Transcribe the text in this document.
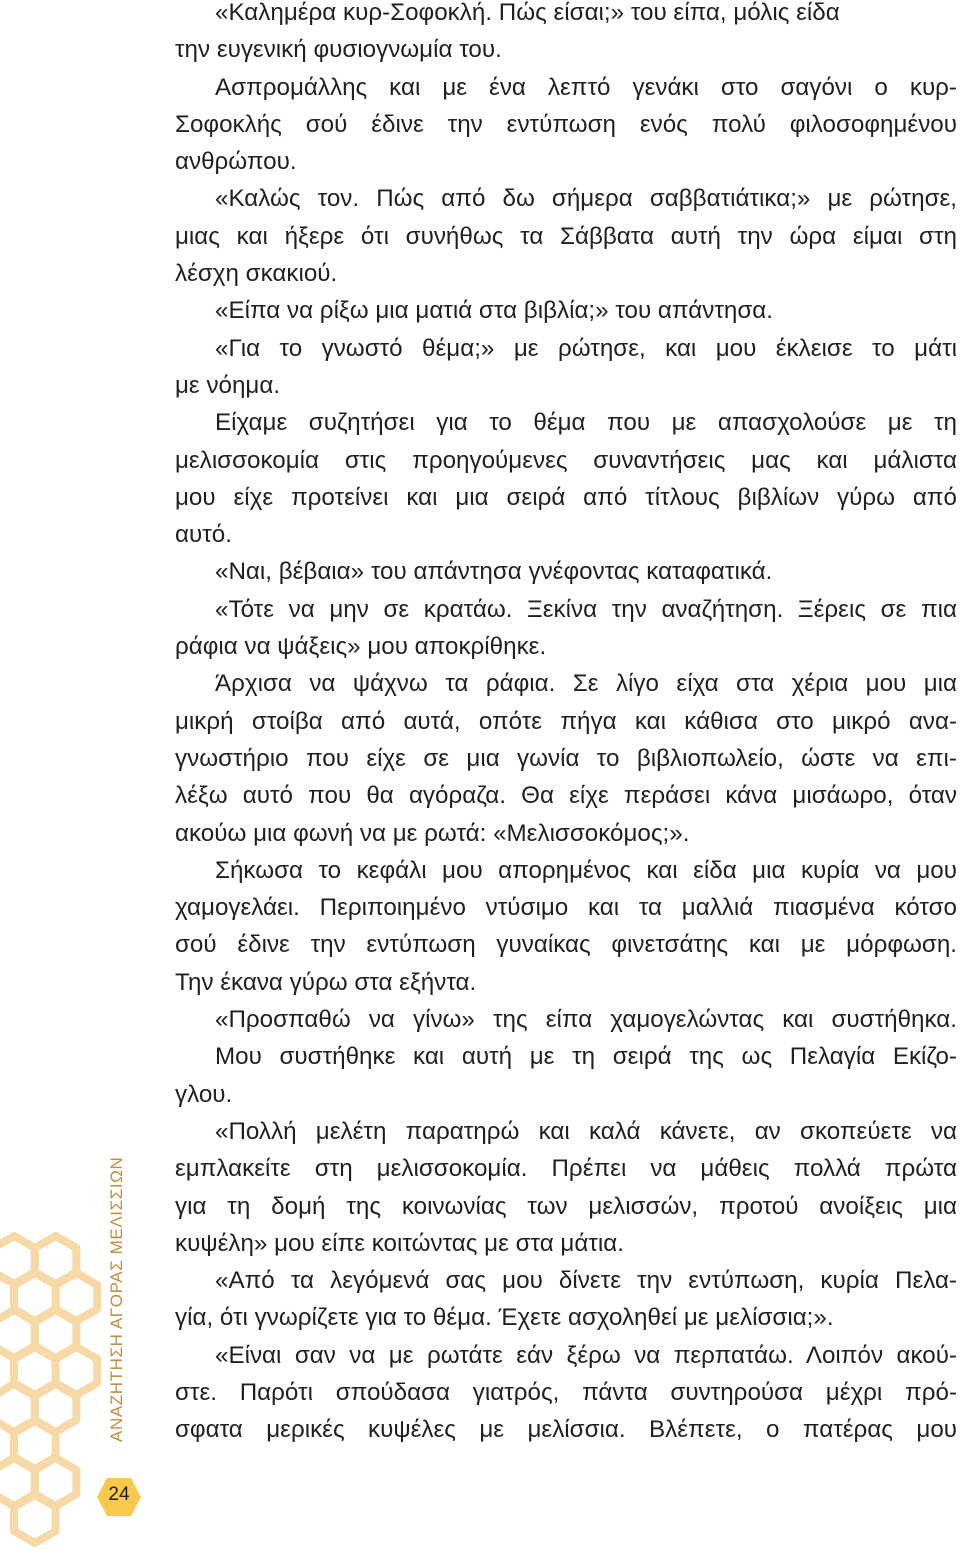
«Καλημέρα κυρ-Σοφοκλή. Πώς είσαι;» του είπα, μόλις είδα
την ευγενική φυσιογνωμία του.
Ασπρομάλλης και με ένα λεπτό γενάκι στο σαγόνι ο κυρ-
Σοφοκλής σού έδινε την εντύπωση ενός πολύ φιλοσοφημένου
ανθρώπου.
«Καλώς τον. Πώς από δω σήμερα σαββατιάτικα;» με ρώτησε,
μιας και ήξερε ότι συνήθως τα Σάββατα αυτή την ώρα είμαι στη
λέσχη σκακιού.
«Είπα να ρίξω μια ματιά στα βιβλία;» του απάντησα.
«Για το γνωστό θέμα;» με ρώτησε, και μου έκλεισε το μάτι
με νόημα.
Είχαμε συζητήσει για το θέμα που με απασχολούσε με τη
μελισσοκομία στις προηγούμενες συναντήσεις μας και μάλιστα
μου είχε προτείνει και μια σειρά από τίτλους βιβλίων γύρω από
αυτό.
«Ναι, βέβαια» του απάντησα γνέφοντας καταφατικά.
«Τότε να μην σε κρατάω. Ξεκίνα την αναζήτηση. Ξέρεις σε πια
ράφια να ψάξεις» μου αποκρίθηκε.
Άρχισα να ψάχνω τα ράφια. Σε λίγο είχα στα χέρια μου μια
μικρή στοίβα από αυτά, οπότε πήγα και κάθισα στο μικρό ανα-
γνωστήριο που είχε σε μια γωνία το βιβλιοπωλείο, ώστε να επι-
λέξω αυτό που θα αγόραζα. Θα είχε περάσει κάνα μισάωρο, όταν
ακούω μια φωνή να με ρωτά: «Μελισσοκόμος;».
Σήκωσα το κεφάλι μου απορημένος και είδα μια κυρία να μου
χαμογελάει. Περιποιημένο ντύσιμο και τα μαλλιά πιασμένα κότσο
σού έδινε την εντύπωση γυναίκας φινετσάτης και με μόρφωση.
Την έκανα γύρω στα εξήντα.
«Προσπαθώ να γίνω» της είπα χαμογελώντας και συστήθηκα.
Μου συστήθηκε και αυτή με τη σειρά της ως Πελαγία Εκίζο-
γλου.
«Πολλή μελέτη παρατηρώ και καλά κάνετε, αν σκοπεύετε να
εμπλακείτε στη μελισσοκομία. Πρέπει να μάθεις πολλά πρώτα
για τη δομή της κοινωνίας των μελισσών, προτού ανοίξεις μια
κυψέλη» μου είπε κοιτώντας με στα μάτια.
«Από τα λεγόμενά σας μου δίνετε την εντύπωση, κυρία Πελα-
γία, ότι γνωρίζετε για το θέμα. Έχετε ασχοληθεί με μελίσσια;».
«Είναι σαν να με ρωτάτε εάν ξέρω να περπατάω. Λοιπόν ακού-
στε. Παρότι σπούδασα γιατρός, πάντα συντηρούσα μέχρι πρό-
σφατα μερικές κυψέλες με μελίσσια. Βλέπετε, ο πατέρας μου
ΑΝΑΖΗΤΗΣΗ ΑΓΟΡΑΣ ΜΕΛΙΣΣΙΩΝ
24
